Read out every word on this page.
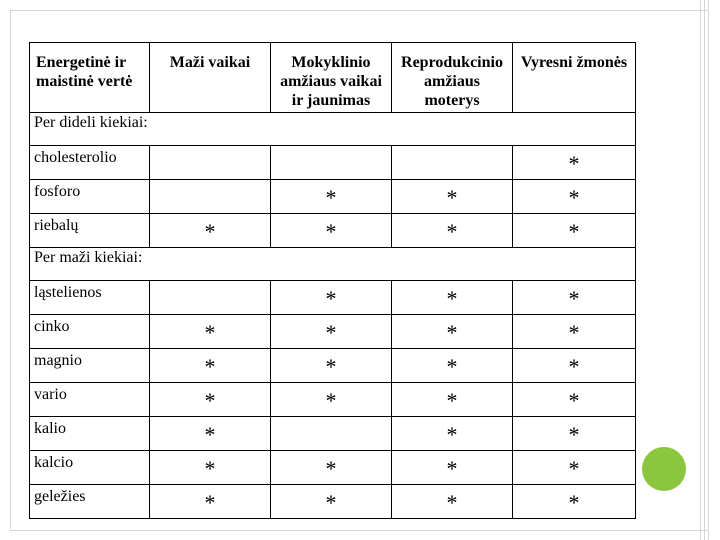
Energetinė ir maistinė vertė	Maži vaikai	Mokyklinio amžiaus vaikai ir jaunimas	Reprodukcinio amžiaus moterys	Vyresni žmonės
Per dideli kiekiai:				
cholesterolio				*
fosforo		*	*	*
riebalų	*	*	*	*
Per maži kiekiai:				
ląstelienos		*	*	*
cinko	*	*	*	*
magnio	*	*	*	*
vario	*	*	*	*
kalio	*		*	*
kalcio	*	*	*	*
geležies	*	*	*	*
